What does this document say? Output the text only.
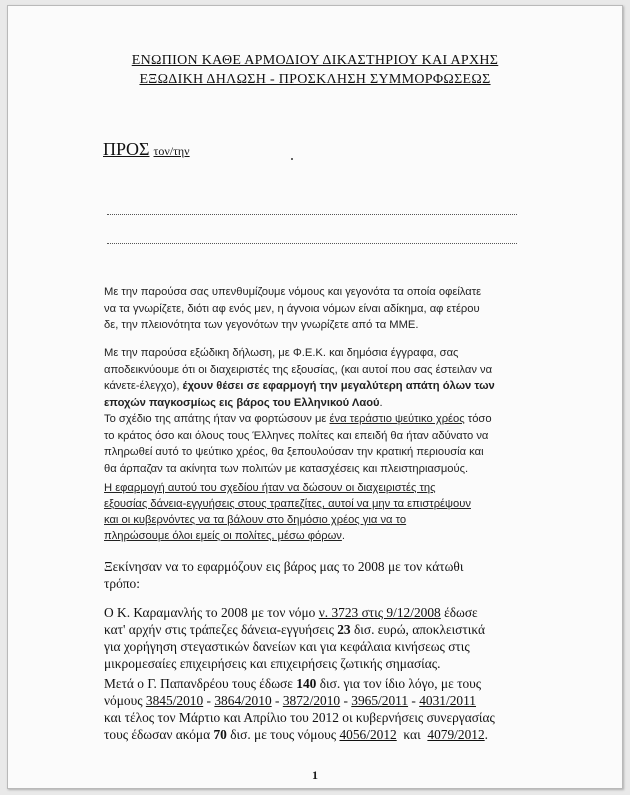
ΕΝΩΠΙΟΝ ΚΑΘΕ ΑΡΜΟΔΙΟΥ ΔΙΚΑΣΤΗΡΙΟΥ ΚΑΙ ΑΡΧΗΣ
ΕΞΩΔΙΚΗ ΔΗΛΩΣΗ - ΠΡΟΣΚΛΗΣΗ ΣΥΜΜΟΡΦΩΣΕΩΣ
ΠΡΟΣ τον/την
Με την παρούσα σας υπενθυμίζουμε νόμους και γεγονότα τα οποία οφείλατε
να τα γνωρίζετε, διότι αφ ενός μεν, η άγνοια νόμων είναι αδίκημα, αφ ετέρου
δε, την πλειονότητα των γεγονότων την γνωρίζετε από τα ΜΜΕ.
Με την παρούσα εξώδικη δήλωση, με Φ.Ε.Κ. και δημόσια έγγραφα, σας
αποδεικνύουμε ότι οι διαχειριστές της εξουσίας, (και αυτοί που σας έστειλαν να
κάνετε-έλεγχο), έχουν θέσει σε εφαρμογή την μεγαλύτερη απάτη όλων των
εποχών παγκοσμίως εις βάρος του Ελληνικού Λαού.
Το σχέδιο της απάτης ήταν να φορτώσουν με ένα τεράστιο ψεύτικο χρέος τόσο
το κράτος όσο και όλους τους Έλληνες πολίτες και επειδή θα ήταν αδύνατο να
πληρωθεί αυτό το ψεύτικο χρέος, θα ξεπουλούσαν την κρατική περιουσία και
θα άρπαζαν τα ακίνητα των πολιτών με κατασχέσεις και πλειστηριασμούς.
Η εφαρμογή αυτού του σχεδίου ήταν να δώσουν οι διαχειριστές της
εξουσίας δάνεια-εγγυήσεις στους τραπεζίτες, αυτοί να μην τα επιστρέψουν
και οι κυβερνόντες να τα βάλουν στο δημόσιο χρέος για να το
πληρώσουμε όλοι εμείς οι πολίτες, μέσω φόρων.
Ξεκίνησαν να το εφαρμόζουν εις βάρος μας το 2008 με τον κάτωθι
τρόπο:
Ο Κ. Καραμανλής το 2008 με τον νόμο ν. 3723 στις 9/12/2008 έδωσε
κατ' αρχήν στις τράπεζες δάνεια-εγγυήσεις 23 δισ. ευρώ, αποκλειστικά
για χορήγηση στεγαστικών δανείων και για κεφάλαια κινήσεως στις
μικρομεσαίες επιχειρήσεις και επιχειρήσεις ζωτικής σημασίας.
Μετά ο Γ. Παπανδρέου τους έδωσε 140 δισ. για τον ίδιο λόγο, με τους
νόμους 3845/2010 - 3864/2010 - 3872/2010 - 3965/2011 - 4031/2011
και τέλος τον Μάρτιο και Απρίλιο του 2012 οι κυβερνήσεις συνεργασίας
τους έδωσαν ακόμα 70 δισ. με τους νόμους 4056/2012  και  4079/2012.
1
